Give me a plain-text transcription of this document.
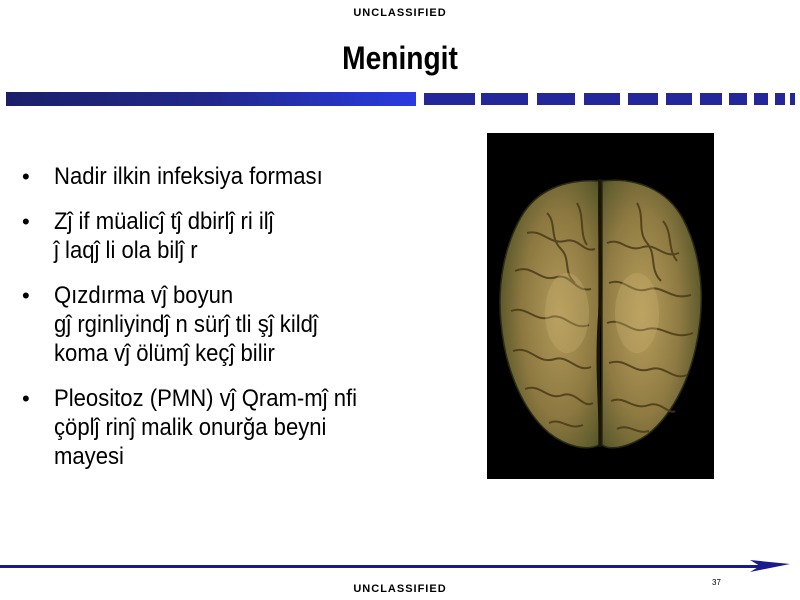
UNCLASSIFIED
Meningit
• Nadir ilkin infeksiya forması
• Zĵ if müalicĵ tĵ dbirlĵ ri ilĵ
ĵ laqĵ li ola bilĵ r
• Qızdırma vĵ boyun
gĵ rginliyindĵ n sürĵ tli şĵ kildĵ
koma vĵ ölümĵ keçĵ bilir
• Pleositoz (PMN) vĵ Qram-mĵ nfi
çöplĵ rinĵ malik onurğa beyni
mayesi
37
UNCLASSIFIED
